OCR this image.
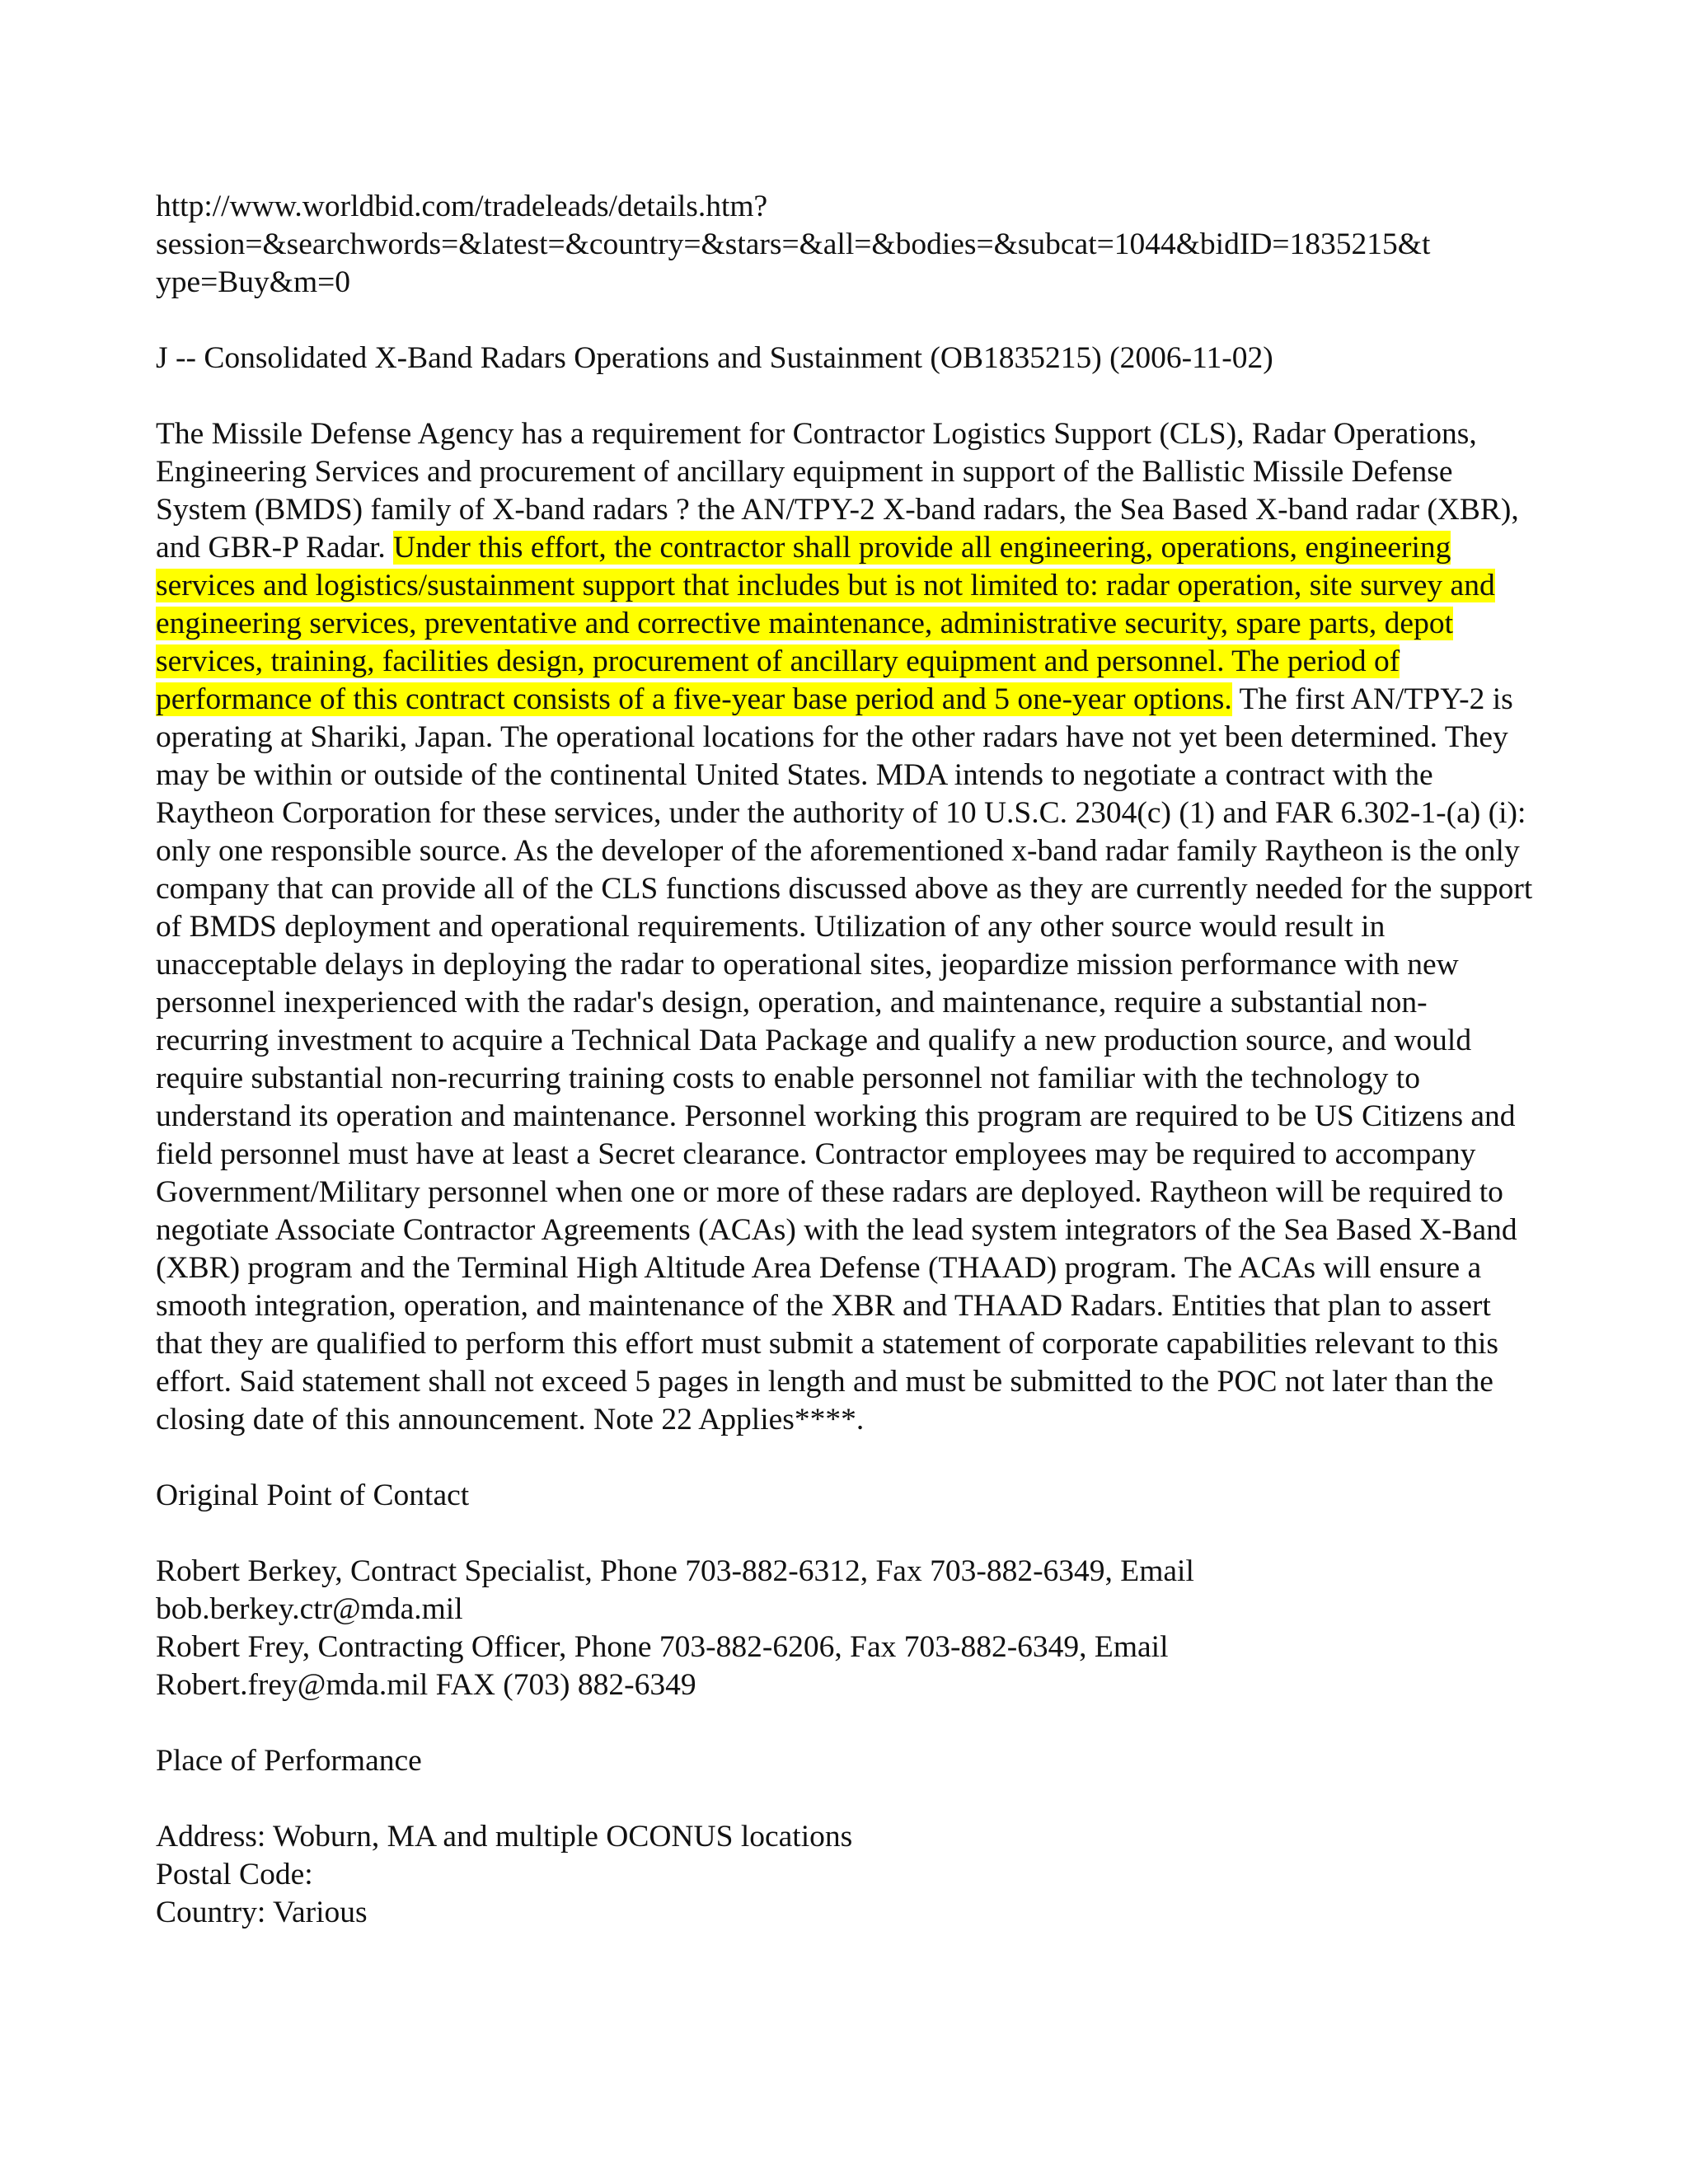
http://www.worldbid.com/tradeleads/details.htm?
session=&searchwords=&latest=&country=&stars=&all=&bodies=&subcat=1044&bidID=1835215&t
ype=Buy&m=0

J -- Consolidated X-Band Radars Operations and Sustainment (OB1835215) (2006-11-02)

The Missile Defense Agency has a requirement for Contractor Logistics Support (CLS), Radar Operations, Engineering Services and procurement of ancillary equipment in support of the Ballistic Missile Defense System (BMDS) family of X-band radars ? the AN/TPY-2 X-band radars, the Sea Based X-band radar (XBR), and GBR-P Radar. Under this effort, the contractor shall provide all engineering, operations, engineering services and logistics/sustainment support that includes but is not limited to: radar operation, site survey and engineering services, preventative and corrective maintenance, administrative security, spare parts, depot services, training, facilities design, procurement of ancillary equipment and personnel. The period of performance of this contract consists of a five-year base period and 5 one-year options. The first AN/TPY-2 is operating at Shariki, Japan. The operational locations for the other radars have not yet been determined. They may be within or outside of the continental United States. MDA intends to negotiate a contract with the Raytheon Corporation for these services, under the authority of 10 U.S.C. 2304(c) (1) and FAR 6.302-1-(a) (i): only one responsible source. As the developer of the aforementioned x-band radar family Raytheon is the only company that can provide all of the CLS functions discussed above as they are currently needed for the support of BMDS deployment and operational requirements. Utilization of any other source would result in unacceptable delays in deploying the radar to operational sites, jeopardize mission performance with new personnel inexperienced with the radar's design, operation, and maintenance, require a substantial non-recurring investment to acquire a Technical Data Package and qualify a new production source, and would require substantial non-recurring training costs to enable personnel not familiar with the technology to understand its operation and maintenance. Personnel working this program are required to be US Citizens and field personnel must have at least a Secret clearance. Contractor employees may be required to accompany Government/Military personnel when one or more of these radars are deployed. Raytheon will be required to negotiate Associate Contractor Agreements (ACAs) with the lead system integrators of the Sea Based X-Band (XBR) program and the Terminal High Altitude Area Defense (THAAD) program. The ACAs will ensure a smooth integration, operation, and maintenance of the XBR and THAAD Radars. Entities that plan to assert that they are qualified to perform this effort must submit a statement of corporate capabilities relevant to this effort. Said statement shall not exceed 5 pages in length and must be submitted to the POC not later than the closing date of this announcement. Note 22 Applies****.

Original Point of Contact

Robert Berkey, Contract Specialist, Phone 703-882-6312, Fax 703-882-6349, Email
bob.berkey.ctr@mda.mil
Robert Frey, Contracting Officer, Phone 703-882-6206, Fax 703-882-6349, Email
Robert.frey@mda.mil FAX (703) 882-6349

Place of Performance

Address: Woburn, MA and multiple OCONUS locations
Postal Code:
Country: Various
